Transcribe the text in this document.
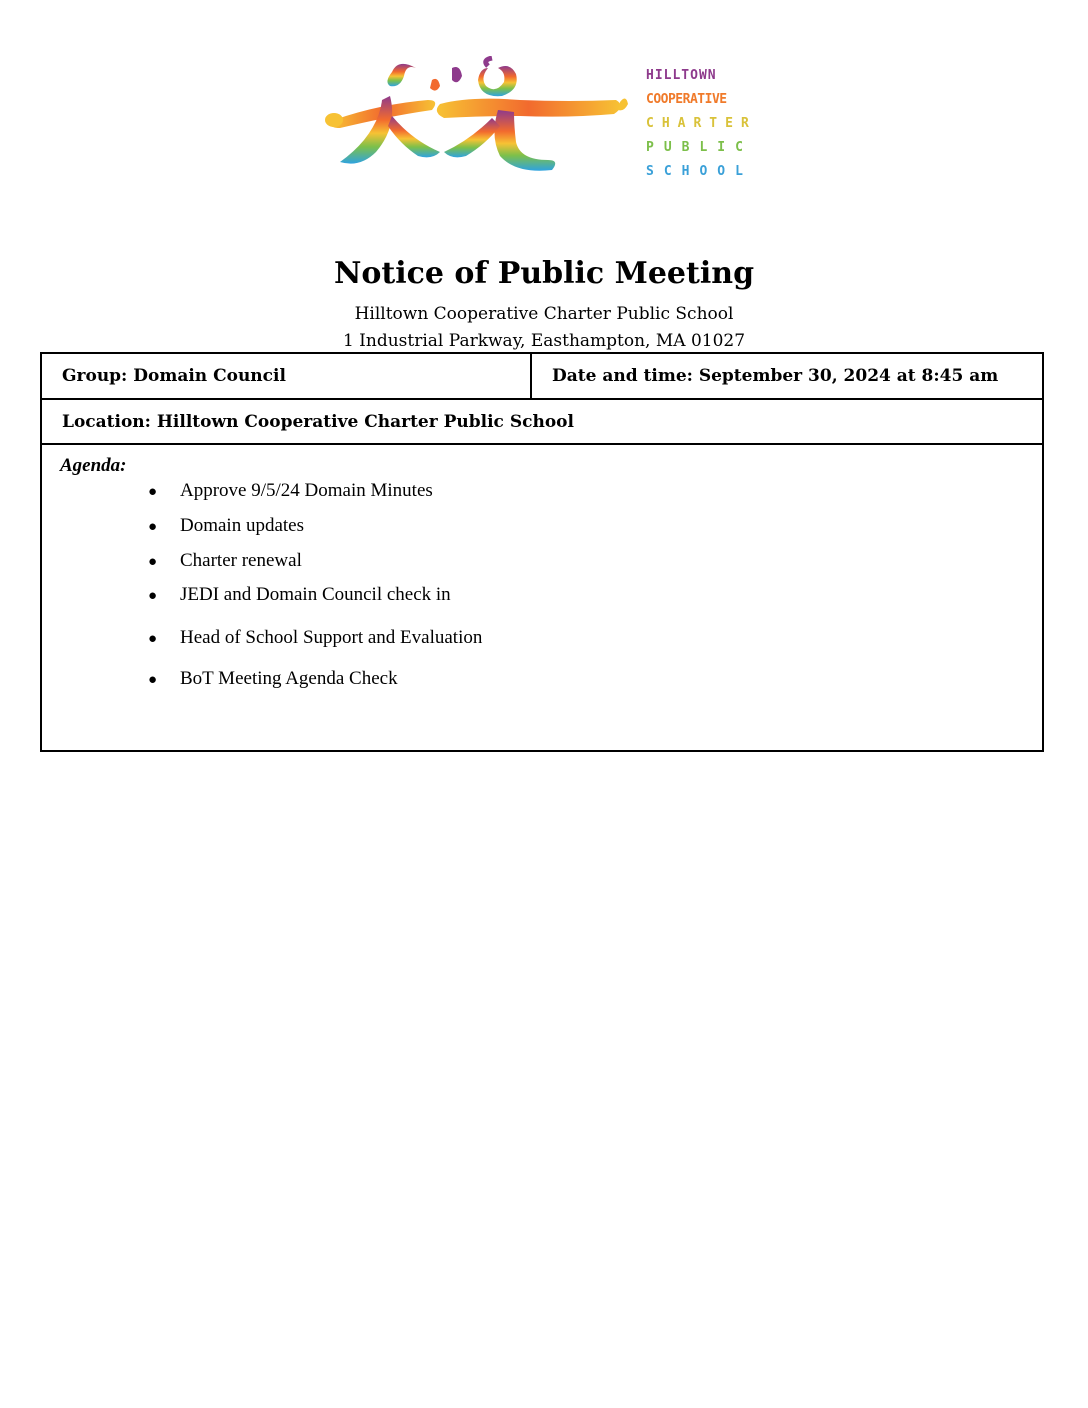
HILLTOWN
COOPERATIVE
CHARTER
PUBLIC
SCHOOL
Notice of Public Meeting
Hilltown Cooperative Charter Public School
1 Industrial Parkway, Easthampton, MA 01027
Group: Domain Council	Date and time: September 30, 2024 at 8:45 am
Location: Hilltown Cooperative Charter Public School
Agenda:
● Approve 9/5/24 Domain Minutes
● Domain updates
● Charter renewal
● JEDI and Domain Council check in
● Head of School Support and Evaluation
● BoT Meeting Agenda Check
